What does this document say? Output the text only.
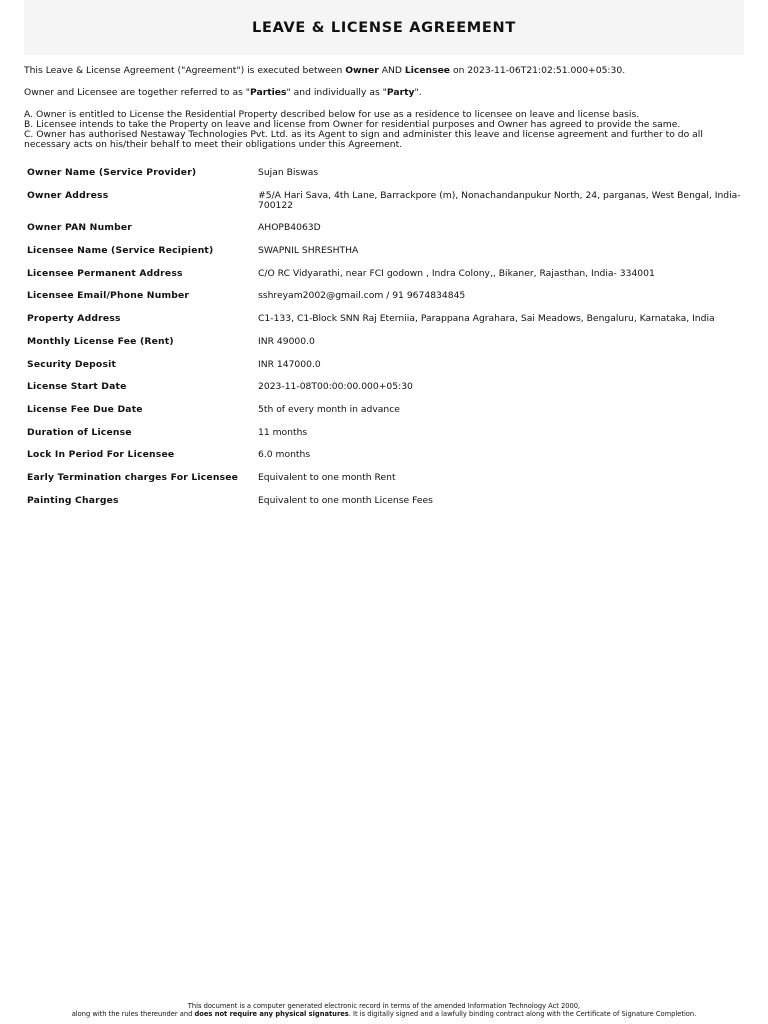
LEAVE & LICENSE AGREEMENT
This Leave & License Agreement ("Agreement") is executed between Owner AND Licensee on 2023-11-06T21:02:51.000+05:30.
Owner and Licensee are together referred to as "Parties" and individually as "Party".
A. Owner is entitled to License the Residential Property described below for use as a residence to licensee on leave and license basis.
B. Licensee intends to take the Property on leave and license from Owner for residential purposes and Owner has agreed to provide the same.
C. Owner has authorised Nestaway Technologies Pvt. Ltd. as its Agent to sign and administer this leave and license agreement and further to do all necessary acts on his/their behalf to meet their obligations under this Agreement.
Owner Name (Service Provider)	Sujan Biswas
Owner Address	#5/A Hari Sava, 4th Lane, Barrackpore (m), Nonachandanpukur North, 24, parganas, West Bengal, India- 700122
Owner PAN Number	AHOPB4063D
Licensee Name (Service Recipient)	SWAPNIL SHRESHTHA
Licensee Permanent Address	C/O RC Vidyarathi, near FCI godown , Indra Colony,, Bikaner, Rajasthan, India- 334001
Licensee Email/Phone Number	sshreyam2002@gmail.com / 91 9674834845
Property Address	C1-133, C1-Block SNN Raj Eterniia, Parappana Agrahara, Sai Meadows, Bengaluru, Karnataka, India
Monthly License Fee (Rent)	INR 49000.0
Security Deposit	INR 147000.0
License Start Date	2023-11-08T00:00:00.000+05:30
License Fee Due Date	5th of every month in advance
Duration of License	11 months
Lock In Period For Licensee	6.0 months
Early Termination charges For Licensee	Equivalent to one month Rent
Painting Charges	Equivalent to one month License Fees
This document is a computer generated electronic record in terms of the amended Information Technology Act 2000,
along with the rules thereunder and does not require any physical signatures. It is digitally signed and a lawfully binding contract along with the Certificate of Signature Completion.
